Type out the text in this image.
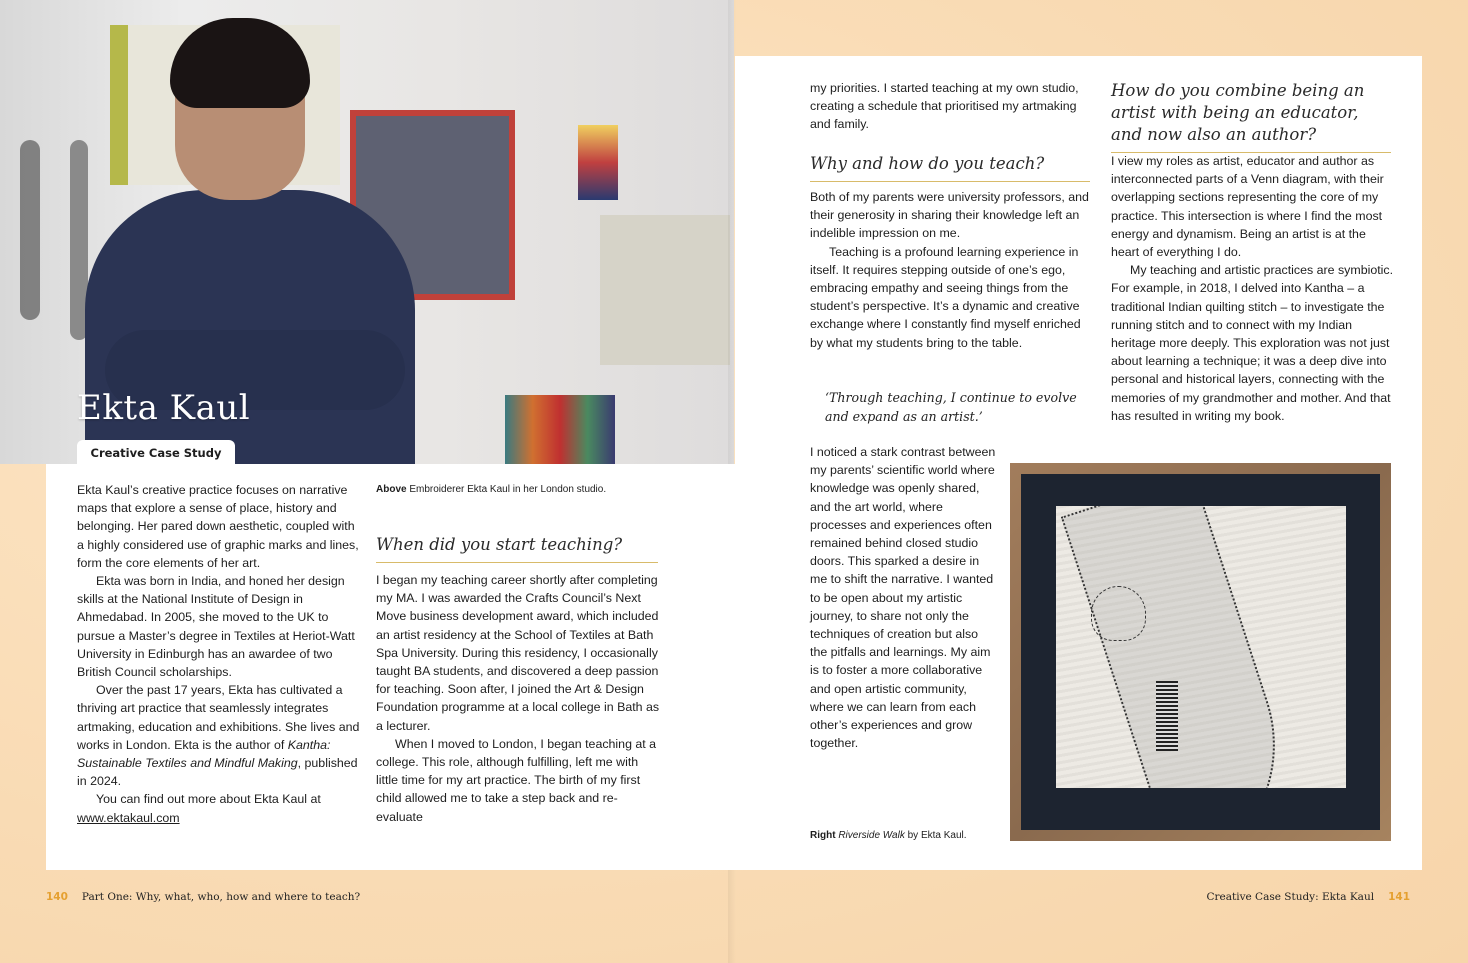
Ekta Kaul
Creative Case Study

Ekta Kaul’s creative practice focuses on narrative maps that explore a sense of place, history and belonging. Her pared down aesthetic, coupled with a highly considered use of graphic marks and lines, form the core elements of her art.

Ekta was born in India, and honed her design skills at the National Institute of Design in Ahmedabad. In 2005, she moved to the UK to pursue a Master’s degree in Textiles at Heriot-Watt University in Edinburgh has an awardee of two British Council scholarships.

Over the past 17 years, Ekta has cultivated a thriving art practice that seamlessly integrates artmaking, education and exhibitions. She lives and works in London. Ekta is the author of Kantha: Sustainable Textiles and Mindful Making, published in 2024.

You can find out more about Ekta Kaul at

www.ektakaul.com

Above Embroiderer Ekta Kaul in her London studio.
When did you start teaching?

I began my teaching career shortly after completing my MA. I was awarded the Crafts Council’s Next Move business development award, which included an artist residency at the School of Textiles at Bath Spa University. During this residency, I occasionally taught BA students, and discovered a deep passion for teaching. Soon after, I joined the Art & Design Foundation programme at a local college in Bath as a lecturer.

When I moved to London, I began teaching at a college. This role, although fulfilling, left me with little time for my art practice. The birth of my first child allowed me to take a step back and re-evaluate

my priorities. I started teaching at my own studio, creating a schedule that prioritised my artmaking and family.

Why and how do you teach?

Both of my parents were university professors, and their generosity in sharing their knowledge left an indelible impression on me.

Teaching is a profound learning experience in itself. It requires stepping outside of one’s ego, embracing empathy and seeing things from the student’s perspective. It’s a dynamic and creative exchange where I constantly find myself enriched by what my students bring to the table.

‘Through teaching, I continue to evolve and expand as an artist.’

I noticed a stark contrast between my parents’ scientific world where knowledge was openly shared, and the art world, where processes and experiences often remained behind closed studio doors. This sparked a desire in me to shift the narrative. I wanted to be open about my artistic journey, to share not only the techniques of creation but also the pitfalls and learnings. My aim is to foster a more collaborative and open artistic community, where we can learn from each other’s experiences and grow together.

Right Riverside Walk by Ekta Kaul.
How do you combine being an artist with being an educator, and now also an author?

I view my roles as artist, educator and author as interconnected parts of a Venn diagram, with their overlapping sections representing the core of my practice. This intersection is where I find the most energy and dynamism. Being an artist is at the heart of everything I do.

My teaching and artistic practices are symbiotic. For example, in 2018, I delved into Kantha – a traditional Indian quilting stitch – to investigate the running stitch and to connect with my Indian heritage more deeply. This exploration was not just about learning a technique; it was a deep dive into personal and historical layers, connecting with the memories of my grandmother and mother. And that has resulted in writing my book.

140 Part One: Why, what, who, how and where to teach?	Creative Case Study: Ekta Kaul 141
